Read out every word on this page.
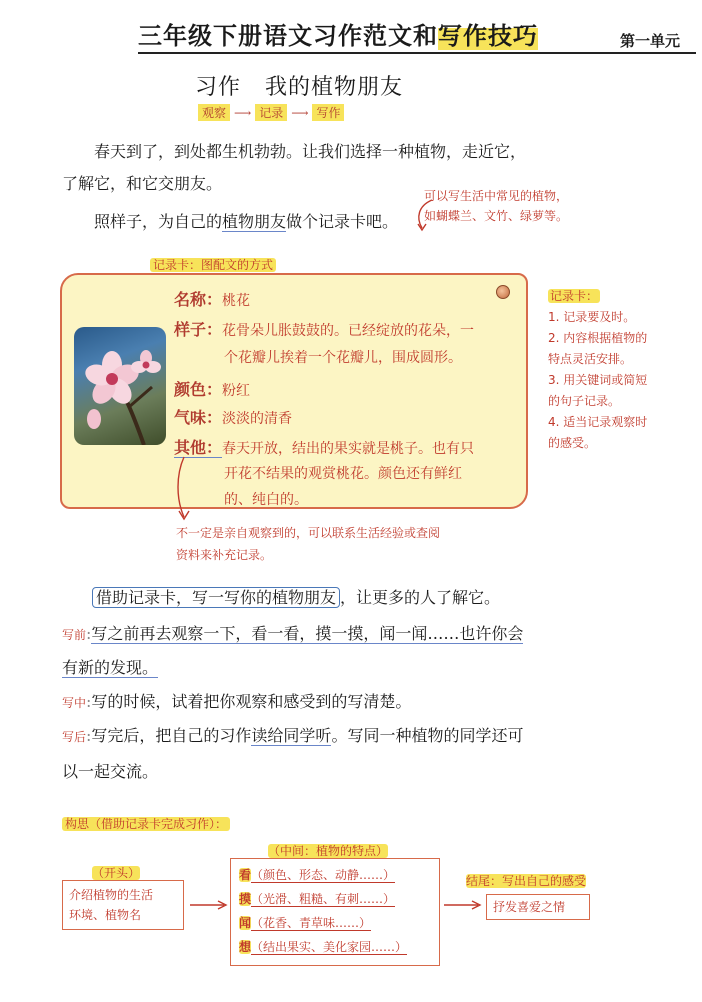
三年级下册语文习作范文和写作技巧	第一单元
习作   我的植物朋友
观察 ⟶ 记录 ⟶ 写作
春天到了，到处都生机勃勃。让我们选择一种植物，走近它，
了解它，和它交朋友。
照样子，为自己的植物朋友做个记录卡吧。
可以写生活中常见的植物，
如蝴蝶兰、文竹、绿萝等。
记录卡：图配文的方式
名称：桃花
样子：花骨朵儿胀鼓鼓的。已经绽放的花朵，一
个花瓣儿挨着一个花瓣儿，围成圆形。
颜色：粉红
气味：淡淡的清香
其他：春天开放，结出的果实就是桃子。也有只
开花不结果的观赏桃花。颜色还有鲜红
的、纯白的。
不一定是亲自观察到的，可以联系生活经验或查阅
资料来补充记录。
记录卡：
1. 记录要及时。
2. 内容根据植物的
特点灵活安排。
3. 用关键词或简短
的句子记录。
4. 适当记录观察时
的感受。
借助记录卡，写一写你的植物朋友 ，让更多的人了解它。
写前:写之前再去观察一下，看一看，摸一摸，闻一闻……也许你会
有新的发现。
写中:写的时候，试着把你观察和感受到的写清楚。
写后:写完后，把自己的习作读给同学听。写同一种植物的同学还可
以一起交流。
构思（借助记录卡完成习作）：
（开头）
介绍植物的生活
环境、植物名
（中间：植物的特点）
看（颜色、形态、动静……）
摸（光滑、粗糙、有刺……）
闻（花香、青草味……）
想（结出果实、美化家园……）
结尾：写出自己的感受
抒发喜爱之情
